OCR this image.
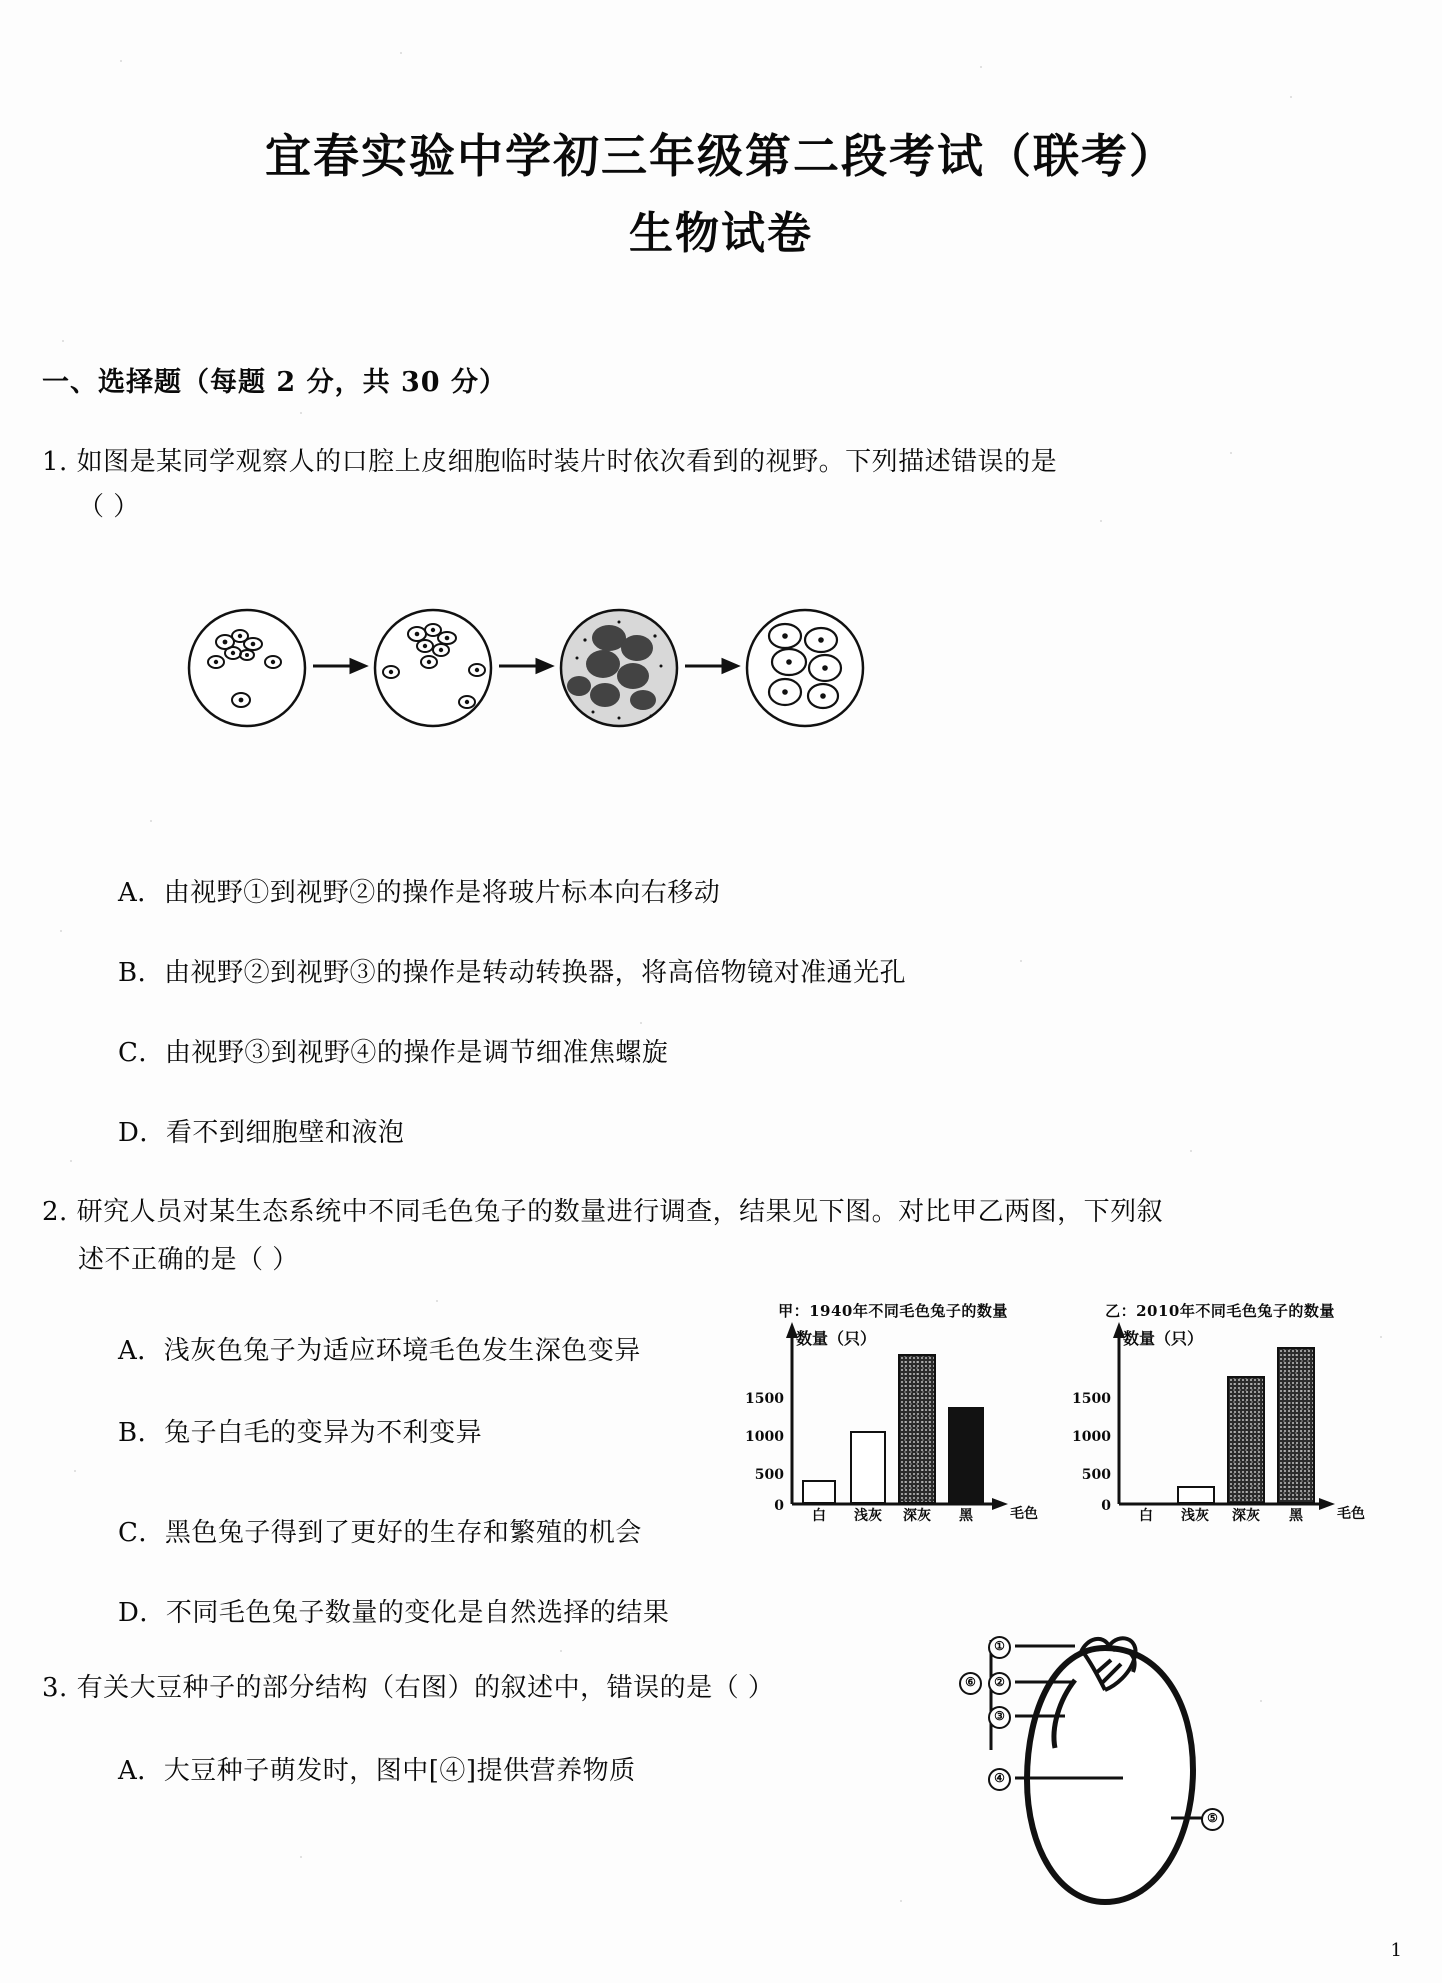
宜春实验中学初三年级第二段考试（联考）
生物试卷
一、选择题（每题 2 分，共 30 分）
1. 如图是某同学观察人的口腔上皮细胞临时装片时依次看到的视野。下列描述错误的是
（ ）
A．由视野①到视野②的操作是将玻片标本向右移动
B．由视野②到视野③的操作是转动转换器，将高倍物镜对准通光孔
C．由视野③到视野④的操作是调节细准焦螺旋
D．看不到细胞壁和液泡
2. 研究人员对某生态系统中不同毛色兔子的数量进行调查，结果见下图。对比甲乙两图，下列叙
述不正确的是（ ）
A．浅灰色兔子为适应环境毛色发生深色变异
B．兔子白毛的变异为不利变异
C．黑色兔子得到了更好的生存和繁殖的机会
D．不同毛色兔子数量的变化是自然选择的结果
甲：1940年不同毛色兔子的数量
数量（只）
1500
1000
500
0
白	浅灰	深灰	黑	毛色
乙：2010年不同毛色兔子的数量
数量（只）
1500
1000
500
0
白	浅灰	深灰	黑	毛色
3. 有关大豆种子的部分结构（右图）的叙述中，错误的是（ ）
A．大豆种子萌发时，图中[④]提供营养物质
①
②
③
④
⑤
⑥
1
